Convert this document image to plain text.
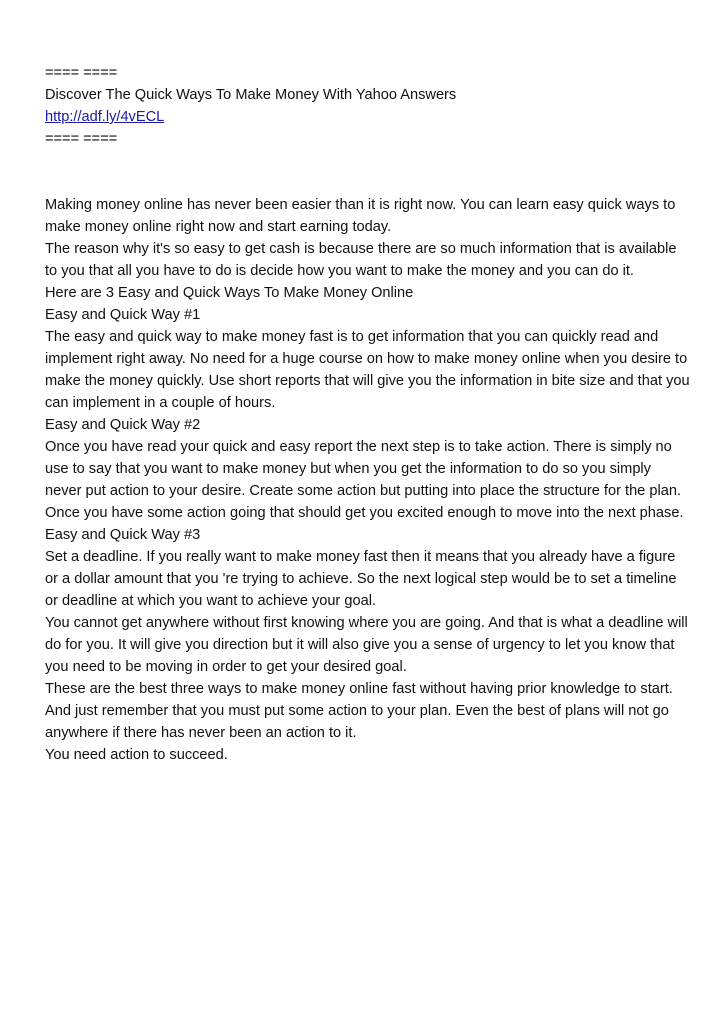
==== ====

Discover The Quick Ways To Make Money With Yahoo Answers

http://adf.ly/4vECL

==== ====

Making money online has never been easier than it is right now. You can learn easy quick ways to make money online right now and start earning today.

The reason why it's so easy to get cash is because there are so much information that is available to you that all you have to do is decide how you want to make the money and you can do it.

Here are 3 Easy and Quick Ways To Make Money Online

Easy and Quick Way #1

The easy and quick way to make money fast is to get information that you can quickly read and implement right away. No need for a huge course on how to make money online when you desire to make the money quickly. Use short reports that will give you the information in bite size and that you can implement in a couple of hours.

Easy and Quick Way #2

Once you have read your quick and easy report the next step is to take action. There is simply no use to say that you want to make money but when you get the information to do so you simply never put action to your desire. Create some action but putting into place the structure for the plan. Once you have some action going that should get you excited enough to move into the next phase.

Easy and Quick Way #3

Set a deadline. If you really want to make money fast then it means that you already have a figure or a dollar amount that you 're trying to achieve. So the next logical step would be to set a timeline or deadline at which you want to achieve your goal.

You cannot get anywhere without first knowing where you are going. And that is what a deadline will do for you. It will give you direction but it will also give you a sense of urgency to let you know that you need to be moving in order to get your desired goal.

These are the best three ways to make money online fast without having prior knowledge to start. And just remember that you must put some action to your plan. Even the best of plans will not go anywhere if there has never been an action to it.

You need action to succeed.
